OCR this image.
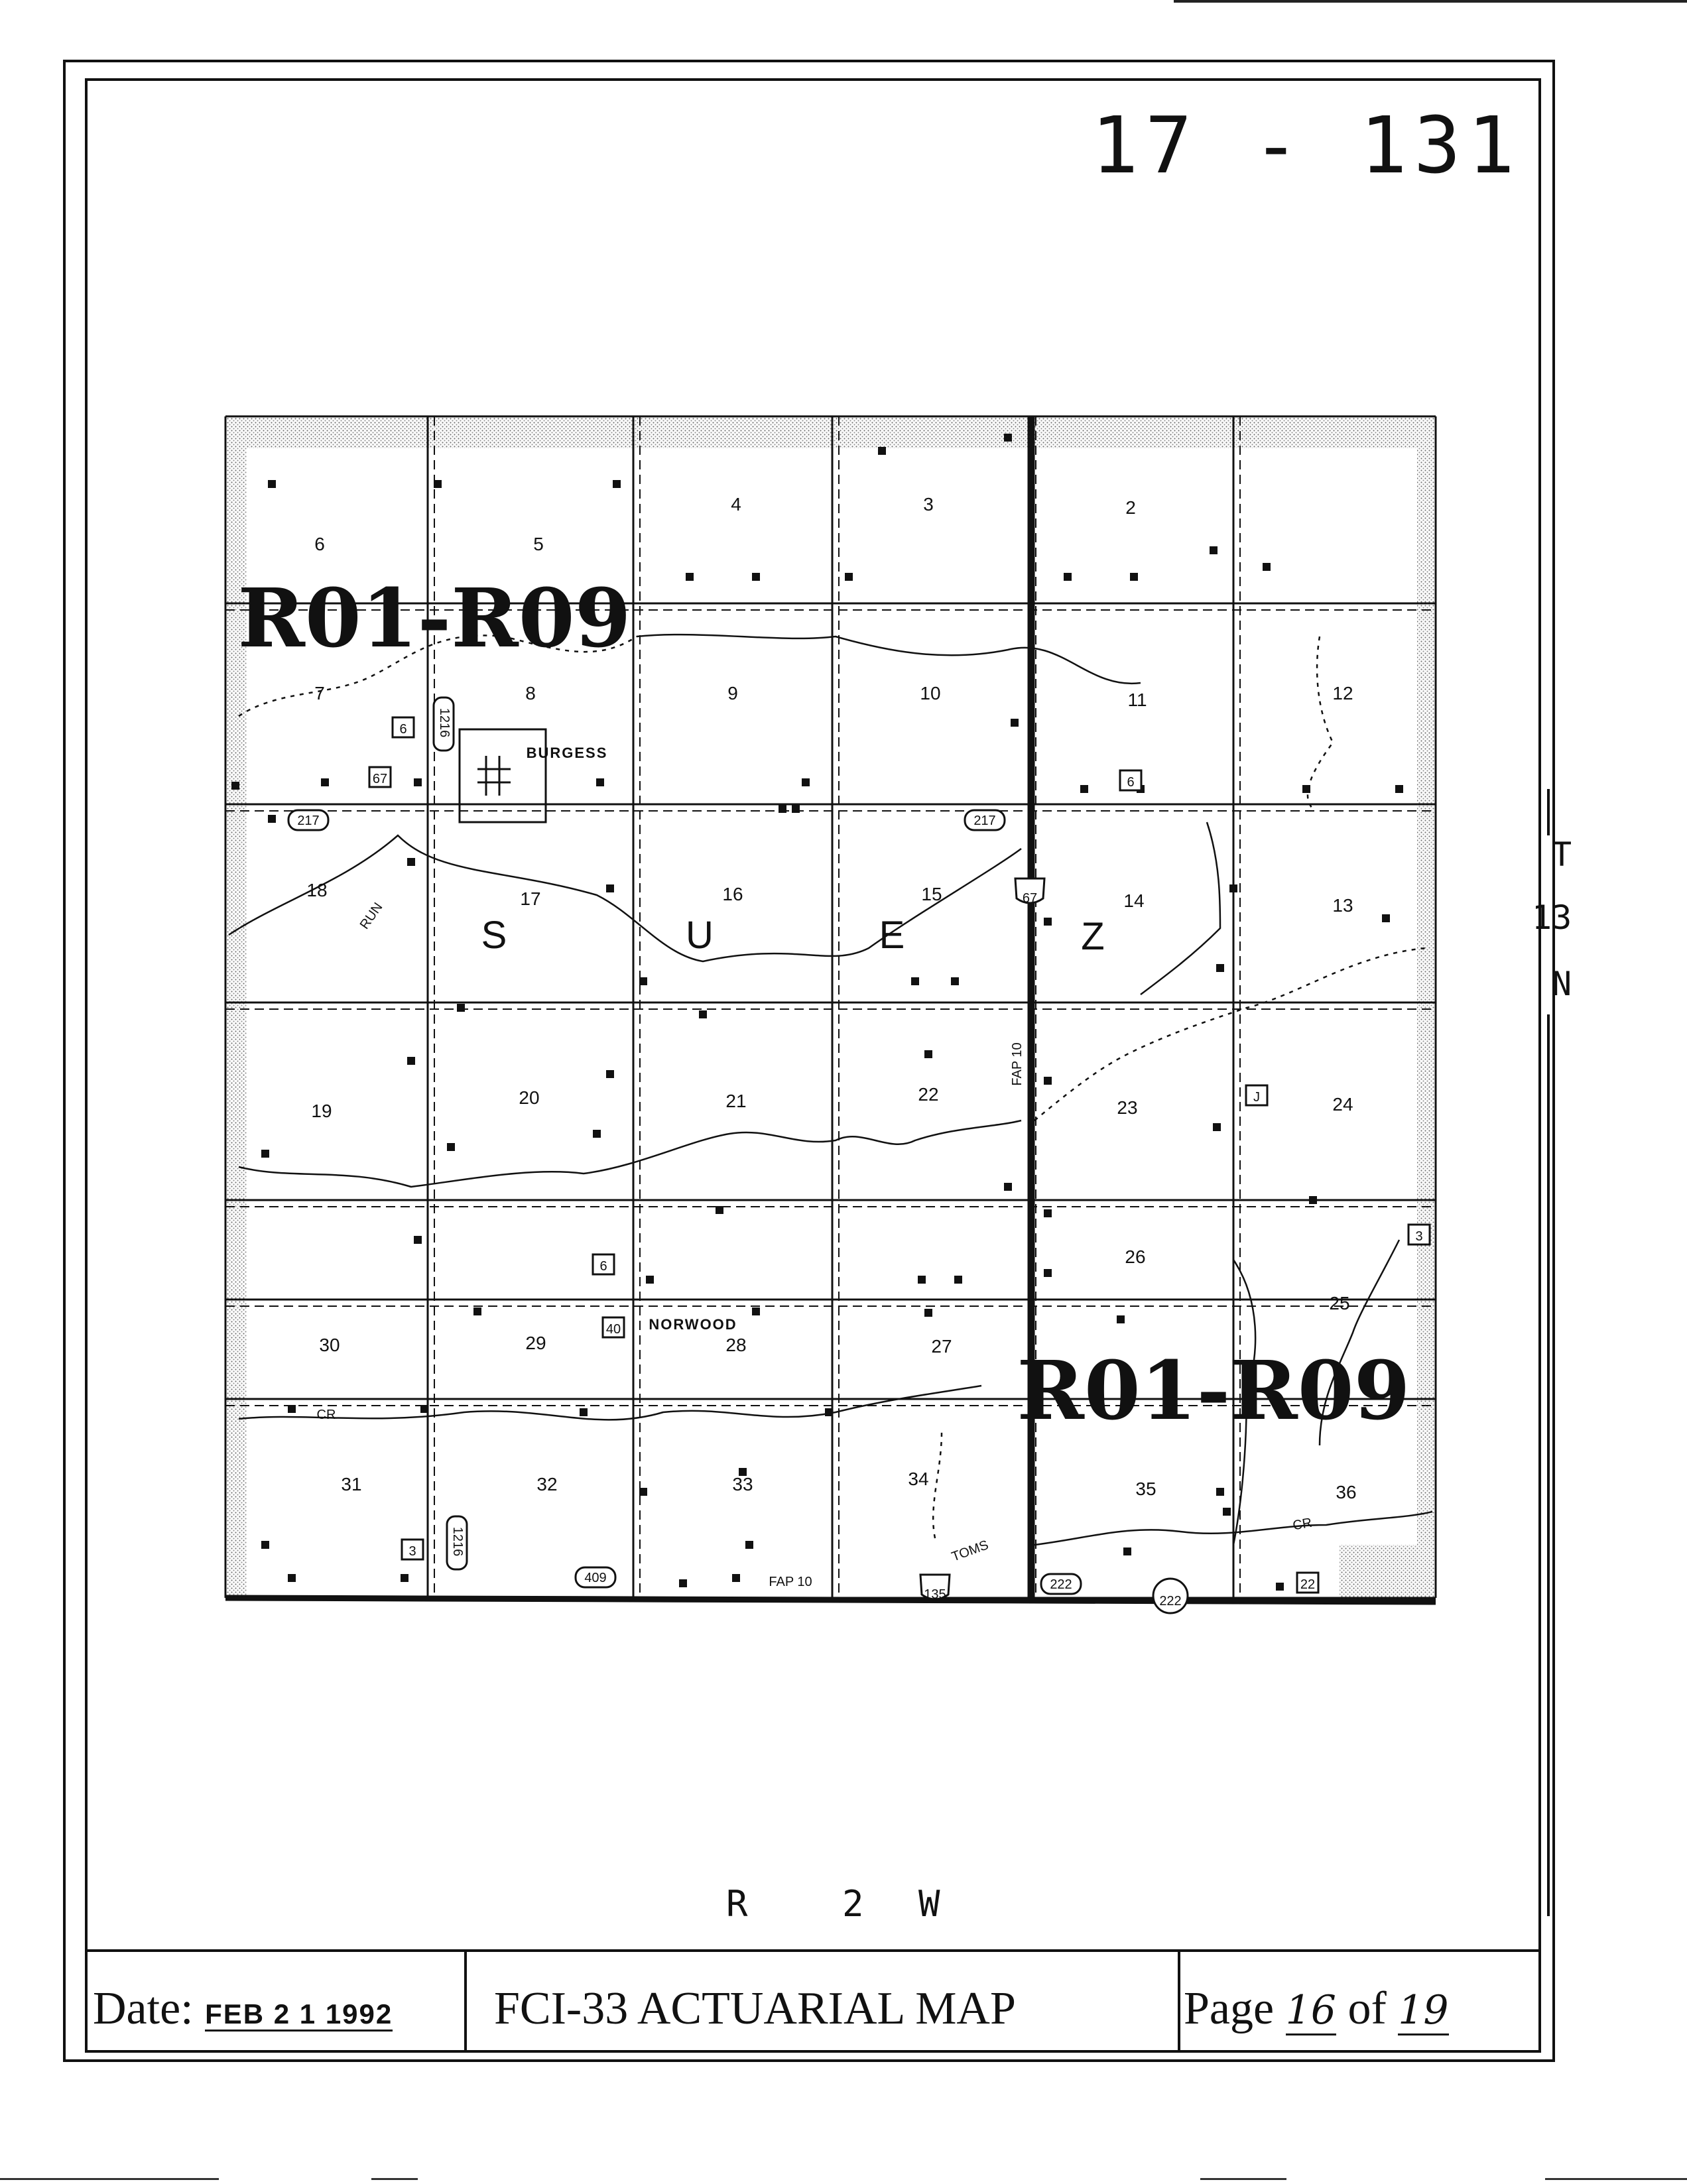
17 - 131
2
3
4
5
6
7	8	9	10	11	12
13
14
15
16
17
18
19
20	21	22
23	24
25
26
27
28
29
30
31	32	33	34	35	36
S	U	E	Z
BURGESS
NORWOOD
RUN
CR
TOMS
CR
FAP 10
FAP 10
217	217
67
1216
1216
409	222
222
135
67	6
6
3
3
22
J
6
40
R01-R09
R01-R09
T
13
N
R	2 W
Date: FEB 2 1 1992 FCI-33 ACTUARIAL MAP	Page 16 of 19
